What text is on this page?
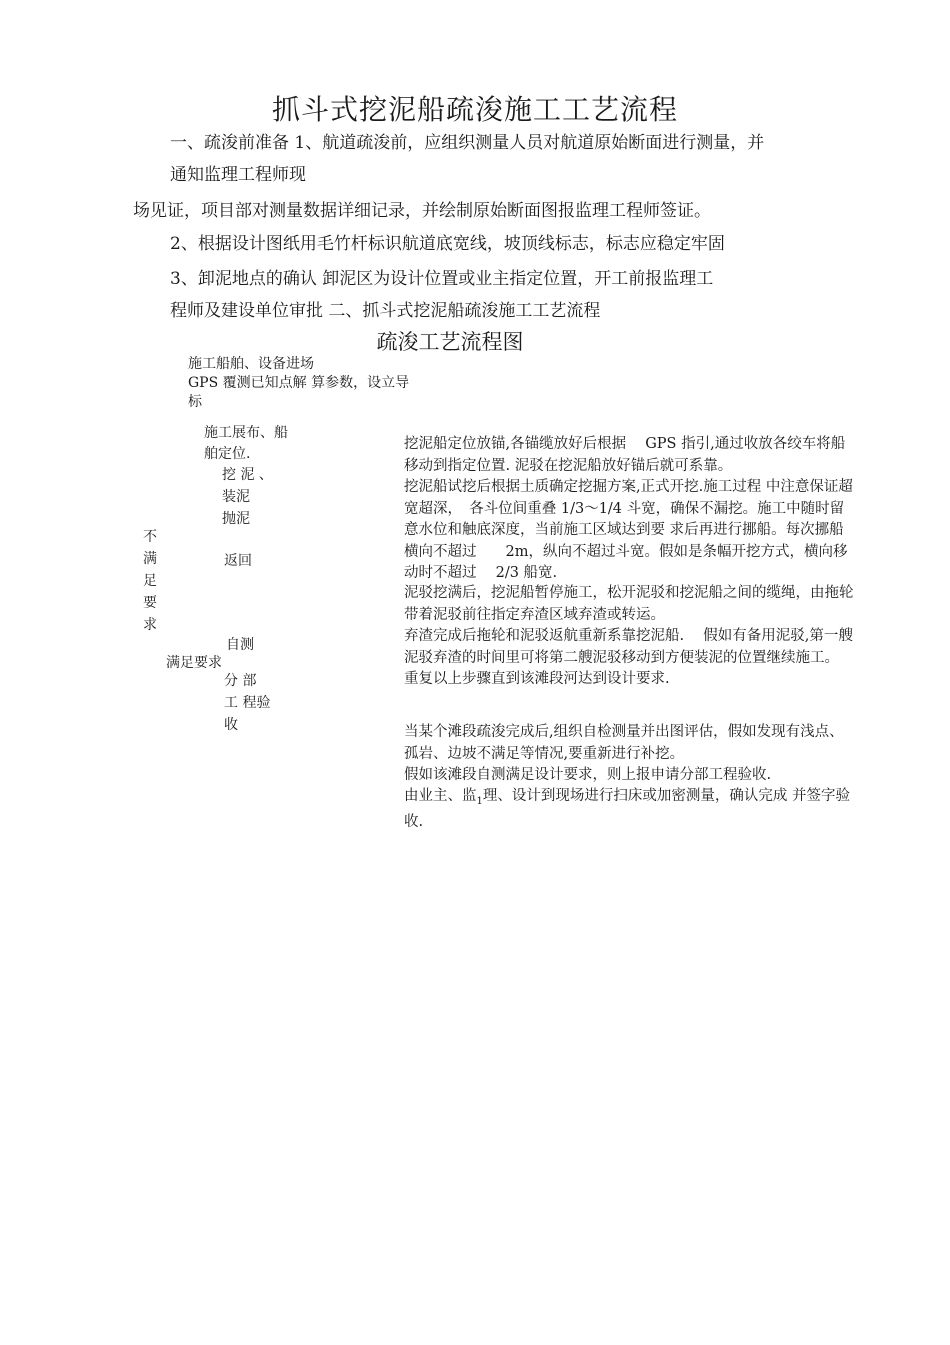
抓斗式挖泥船疏浚施工工艺流程
一、疏浚前准备 1、航道疏浚前，应组织测量人员对航道原始断面进行测量，并
通知监理工程师现
场见证，项目部对测量数据详细记录，并绘制原始断面图报监理工程师签证。
2、根据设计图纸用毛竹杆标识航道底宽线，坡顶线标志，标志应稳定牢固
3、卸泥地点的确认 卸泥区为设计位置或业主指定位置，开工前报监理工
程师及建设单位审批 二、抓斗式挖泥船疏浚施工工艺流程
疏浚工艺流程图
施工船舶、设备进场
GPS 覆测已知点解 算参数，设立导
标
施工展布、船
舶定位.
挖 泥 、
装泥
抛泥
不满足要求
返回
自测
满足要求
分 部
工 程验
收

挖泥船定位放锚,各锚缆放好后根据　 GPS 指引,通过收放各绞车将船移动到指定位置. 泥驳在挖泥船放好锚后就可系靠。

挖泥船试挖后根据土质确定挖掘方案,正式开挖.施工过程 中注意保证超宽超深，　各斗位间重叠 1/3～1/4 斗宽，确保不漏挖。施工中随时留意水位和触底深度，当前施工区域达到要 求后再进行挪船。每次挪船横向不超过　　2m，纵向不超过斗宽。假如是条幅开挖方式，横向移动时不超过　 2/3 船宽.

泥驳挖满后，挖泥船暂停施工，松开泥驳和挖泥船之间的缆绳，由拖轮带着泥驳前往指定弃渣区域弃渣或转运。

弃渣完成后拖轮和泥驳返航重新系靠挖泥船.　 假如有备用泥驳,第一艘泥驳弃渣的时间里可将第二艘泥驳移动到方便装泥的位置继续施工。 重复以上步骤直到该滩段河达到设计要求.

当某个滩段疏浚完成后,组织自检测量并出图评估，假如发现有浅点、孤岩、边坡不满足等情况,要重新进行补挖。

假如该滩段自测满足设计要求，则上报申请分部工程验收.

由业主、监$_1$理、设计到现场进行扫床或加密测量，确认完成 并签字验收.
